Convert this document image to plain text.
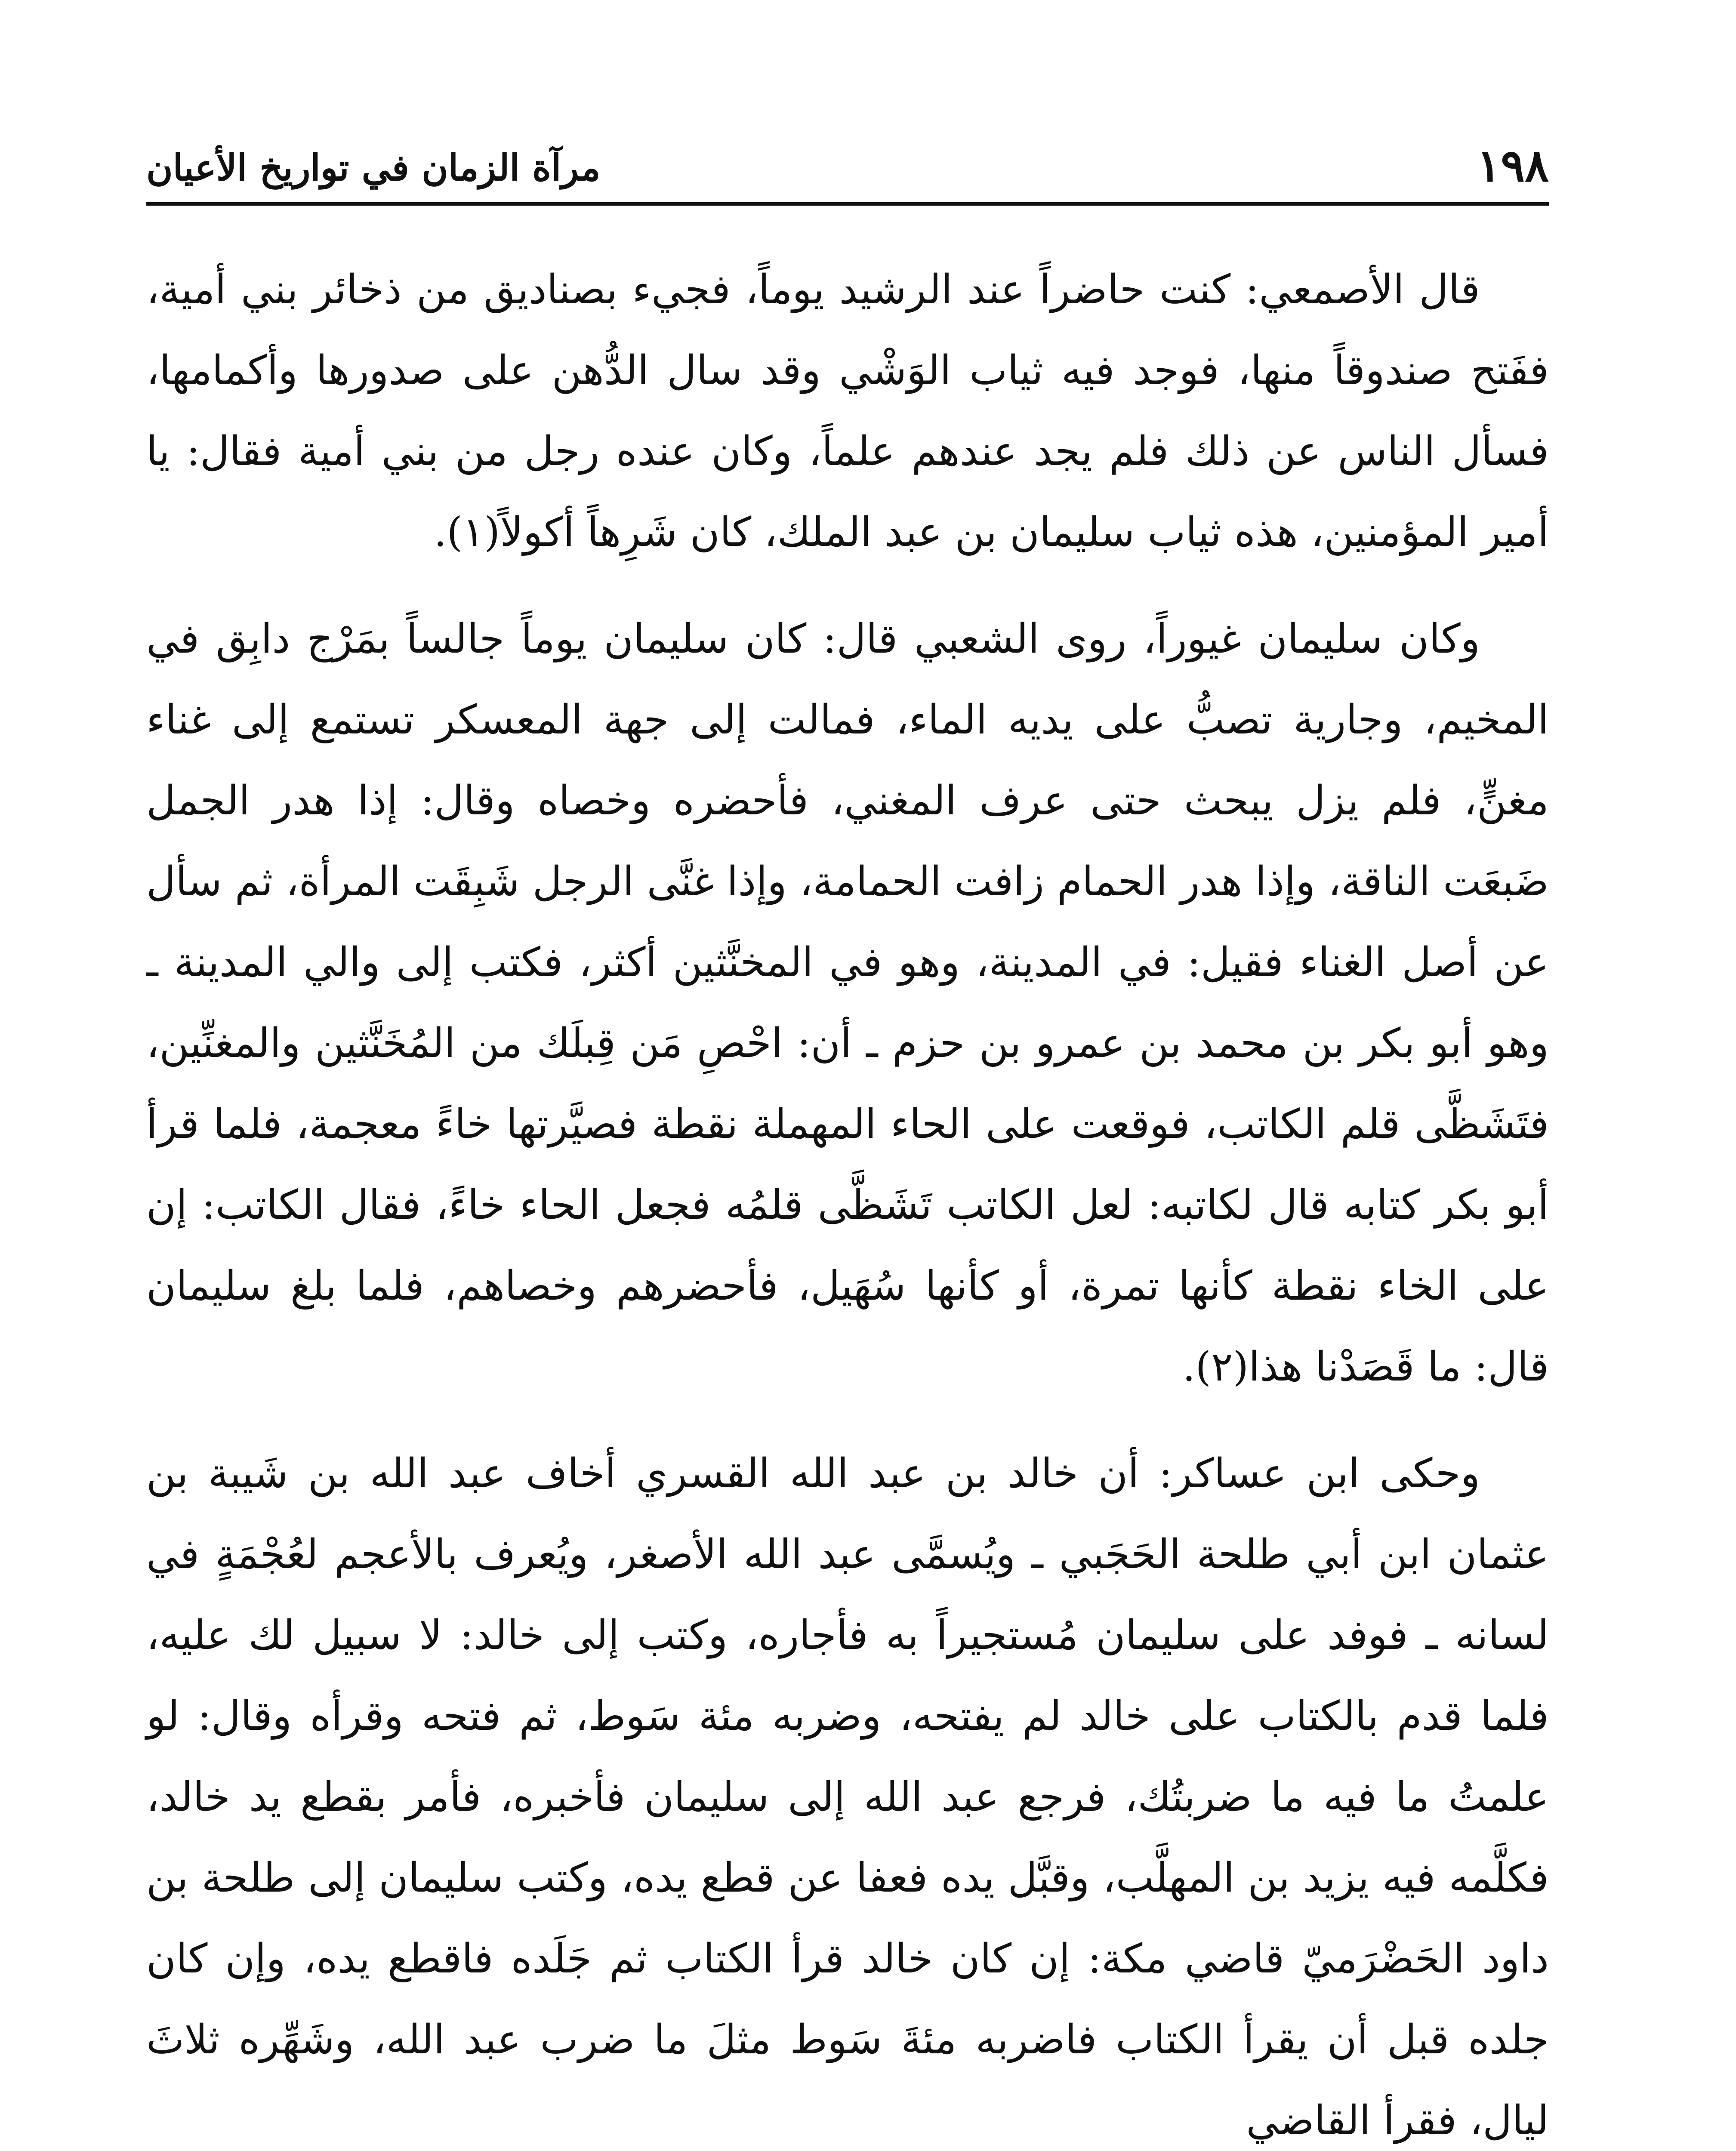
١٩٨
مرآة الزمان في تواريخ الأعيان

قال الأصمعي: كنت حاضراً عند الرشيد يوماً، فجيء بصناديق من ذخائر بني أمية، ففَتح صندوقاً منها، فوجد فيه ثياب الوَشْي وقد سال الدُّهن على صدورها وأكمامها، فسأل الناس عن ذلك فلم يجد عندهم علماً، وكان عنده رجل من بني أمية فقال: يا أمير المؤمنين، هذه ثياب سليمان بن عبد الملك، كان شَرِهاً أكولاً(١).

وكان سليمان غيوراً، روى الشعبي قال: كان سليمان يوماً جالساً بمَرْج دابِق في المخيم، وجارية تصبُّ على يديه الماء، فمالت إلى جهة المعسكر تستمع إلى غناء مغنٍّ، فلم يزل يبحث حتى عرف المغني، فأحضره وخصاه وقال: إذا هدر الجمل ضَبعَت الناقة، وإذا هدر الحمام زافت الحمامة، وإذا غنَّى الرجل شَبِقَت المرأة، ثم سأل عن أصل الغناء فقيل: في المدينة، وهو في المخنَّثين أكثر، فكتب إلى والي المدينة ـ وهو أبو بكر بن محمد بن عمرو بن حزم ـ أن: احْصِ مَن قِبلَك من المُخَنَّثين والمغنِّين، فتَشَظَّى قلم الكاتب، فوقعت على الحاء المهملة نقطة فصيَّرتها خاءً معجمة، فلما قرأ أبو بكر كتابه قال لكاتبه: لعل الكاتب تَشَظَّى قلمُه فجعل الحاء خاءً، فقال الكاتب: إن على الخاء نقطة كأنها تمرة، أو كأنها سُهَيل، فأحضرهم وخصاهم، فلما بلغ سليمان قال: ما قَصَدْنا هذا(٢).

وحكى ابن عساكر: أن خالد بن عبد الله القسري أخاف عبد الله بن شَيبة بن عثمان ابن أبي طلحة الحَجَبي ـ ويُسمَّى عبد الله الأصغر، ويُعرف بالأعجم لعُجْمَةٍ في لسانه ـ فوفد على سليمان مُستجيراً به فأجاره، وكتب إلى خالد: لا سبيل لك عليه، فلما قدم بالكتاب على خالد لم يفتحه، وضربه مئة سَوط، ثم فتحه وقرأه وقال: لو علمتُ ما فيه ما ضربتُك، فرجع عبد الله إلى سليمان فأخبره، فأمر بقطع يد خالد، فكلَّمه فيه يزيد بن المهلَّب، وقبَّل يده فعفا عن قطع يده، وكتب سليمان إلى طلحة بن داود الحَضْرَميّ قاضي مكة: إن كان خالد قرأ الكتاب ثم جَلَده فاقطع يده، وإن كان جلده قبل أن يقرأ الكتاب فاضربه مئةَ سَوط مثلَ ما ضرب عبد الله، وشَهِّره ثلاثَ ليال، فقرأ القاضي
